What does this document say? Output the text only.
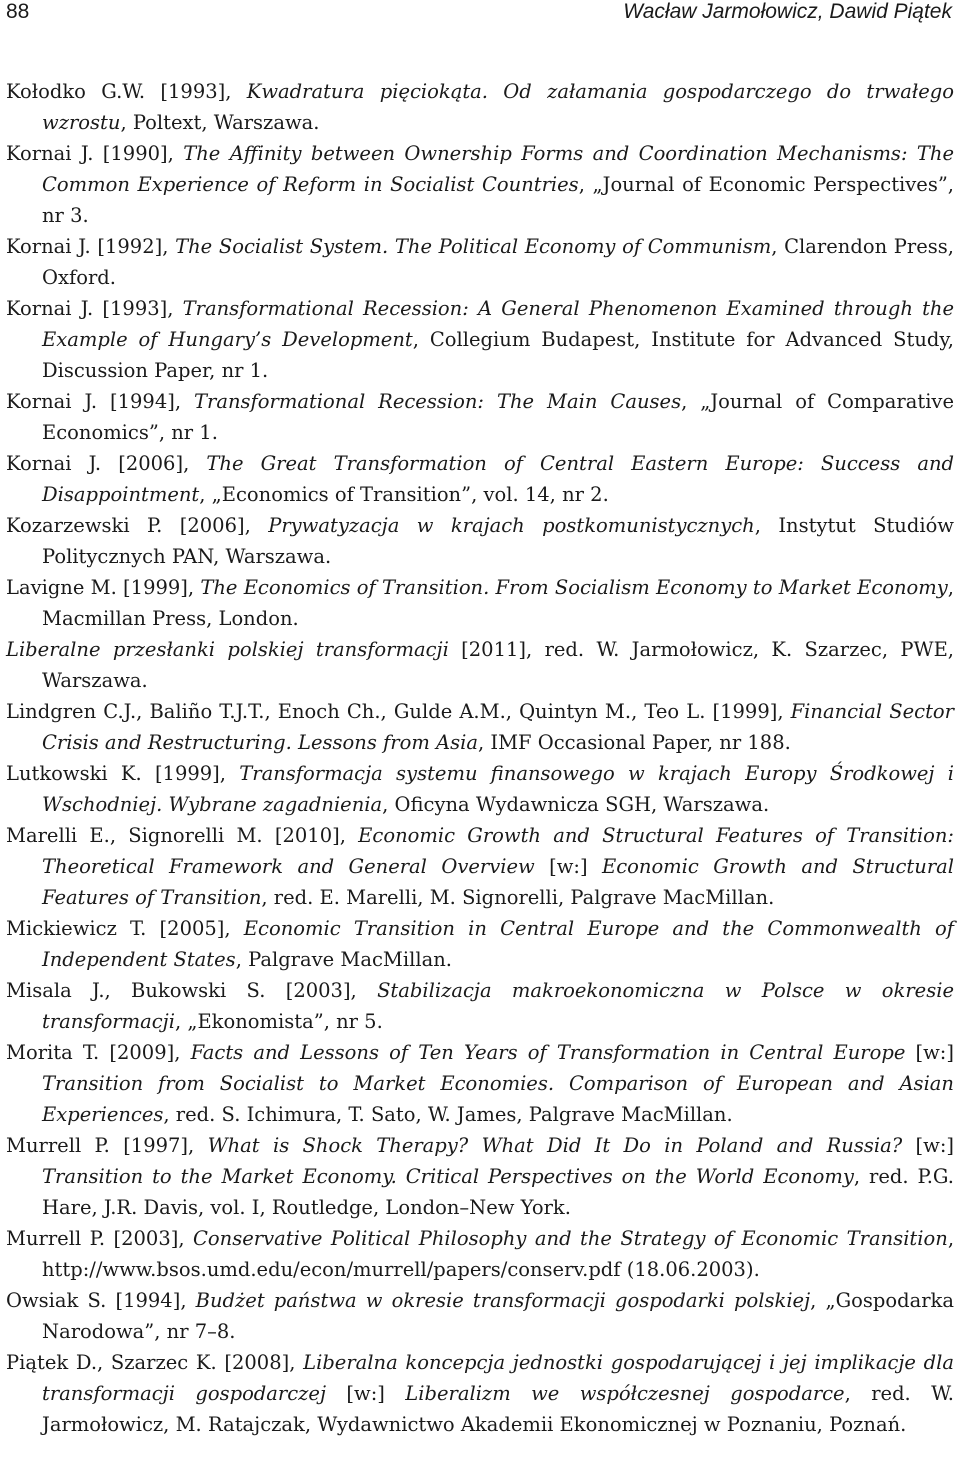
88	Wacław Jarmołowicz, Dawid Piątek
Kołodko G.W. [1993], Kwadratura pięciokąta. Od załamania gospodarczego do trwałego wzrostu, Poltext, Warszawa.
Kornai J. [1990], The Affinity between Ownership Forms and Coordination Mechanisms: The Common Experience of Reform in Socialist Countries, „Journal of Economic Perspectives”, nr 3.
Kornai J. [1992], The Socialist System. The Political Economy of Communism, Clarendon Press, Oxford.
Kornai J. [1993], Transformational Recession: A General Phenomenon Examined through the Example of Hungary’s Development, Collegium Budapest, Institute for Advanced Study, Discussion Paper, nr 1.
Kornai J. [1994], Transformational Recession: The Main Causes, „Journal of Comparative Economics”, nr 1.
Kornai J. [2006], The Great Transformation of Central Eastern Europe: Success and Disappointment, „Economics of Transition”, vol. 14, nr 2.
Kozarzewski P. [2006], Prywatyzacja w krajach postkomunistycznych, Instytut Studiów Politycznych PAN, Warszawa.
Lavigne M. [1999], The Economics of Transition. From Socialism Economy to Market Economy, Macmillan Press, London.
Liberalne przesłanki polskiej transformacji [2011], red. W. Jarmołowicz, K. Szarzec, PWE, Warszawa.
Lindgren C.J., Baliño T.J.T., Enoch Ch., Gulde A.M., Quintyn M., Teo L. [1999], Financial Sector Crisis and Restructuring. Lessons from Asia, IMF Occasional Paper, nr 188.
Lutkowski K. [1999], Transformacja systemu finansowego w krajach Europy Środkowej i Wschodniej. Wybrane zagadnienia, Oficyna Wydawnicza SGH, Warszawa.
Marelli E., Signorelli M. [2010], Economic Growth and Structural Features of Transition: Theoretical Framework and General Overview [w:] Economic Growth and Structural Features of Transition, red. E. Marelli, M. Signorelli, Palgrave MacMillan.
Mickiewicz T. [2005], Economic Transition in Central Europe and the Commonwealth of Independent States, Palgrave MacMillan.
Misala J., Bukowski S. [2003], Stabilizacja makroekonomiczna w Polsce w okresie transformacji, „Ekonomista”, nr 5.
Morita T. [2009], Facts and Lessons of Ten Years of Transformation in Central Europe [w:] Transition from Socialist to Market Economies. Comparison of European and Asian Experiences, red. S. Ichimura, T. Sato, W. James, Palgrave MacMillan.
Murrell P. [1997], What is Shock Therapy? What Did It Do in Poland and Russia? [w:] Transition to the Market Economy. Critical Perspectives on the World Economy, red. P.G. Hare, J.R. Davis, vol. I, Routledge, London–New York.
Murrell P. [2003], Conservative Political Philosophy and the Strategy of Economic Transition, http://www.bsos.umd.edu/econ/murrell/papers/conserv.pdf (18.06.2003).
Owsiak S. [1994], Budżet państwa w okresie transformacji gospodarki polskiej, „Gospodarka Narodowa”, nr 7–8.
Piątek D., Szarzec K. [2008], Liberalna koncepcja jednostki gospodarującej i jej implikacje dla transformacji gospodarczej [w:] Liberalizm we współczesnej gospodarce, red. W. Jarmołowicz, M. Ratajczak, Wydawnictwo Akademii Ekonomicznej w Poznaniu, Poznań.
